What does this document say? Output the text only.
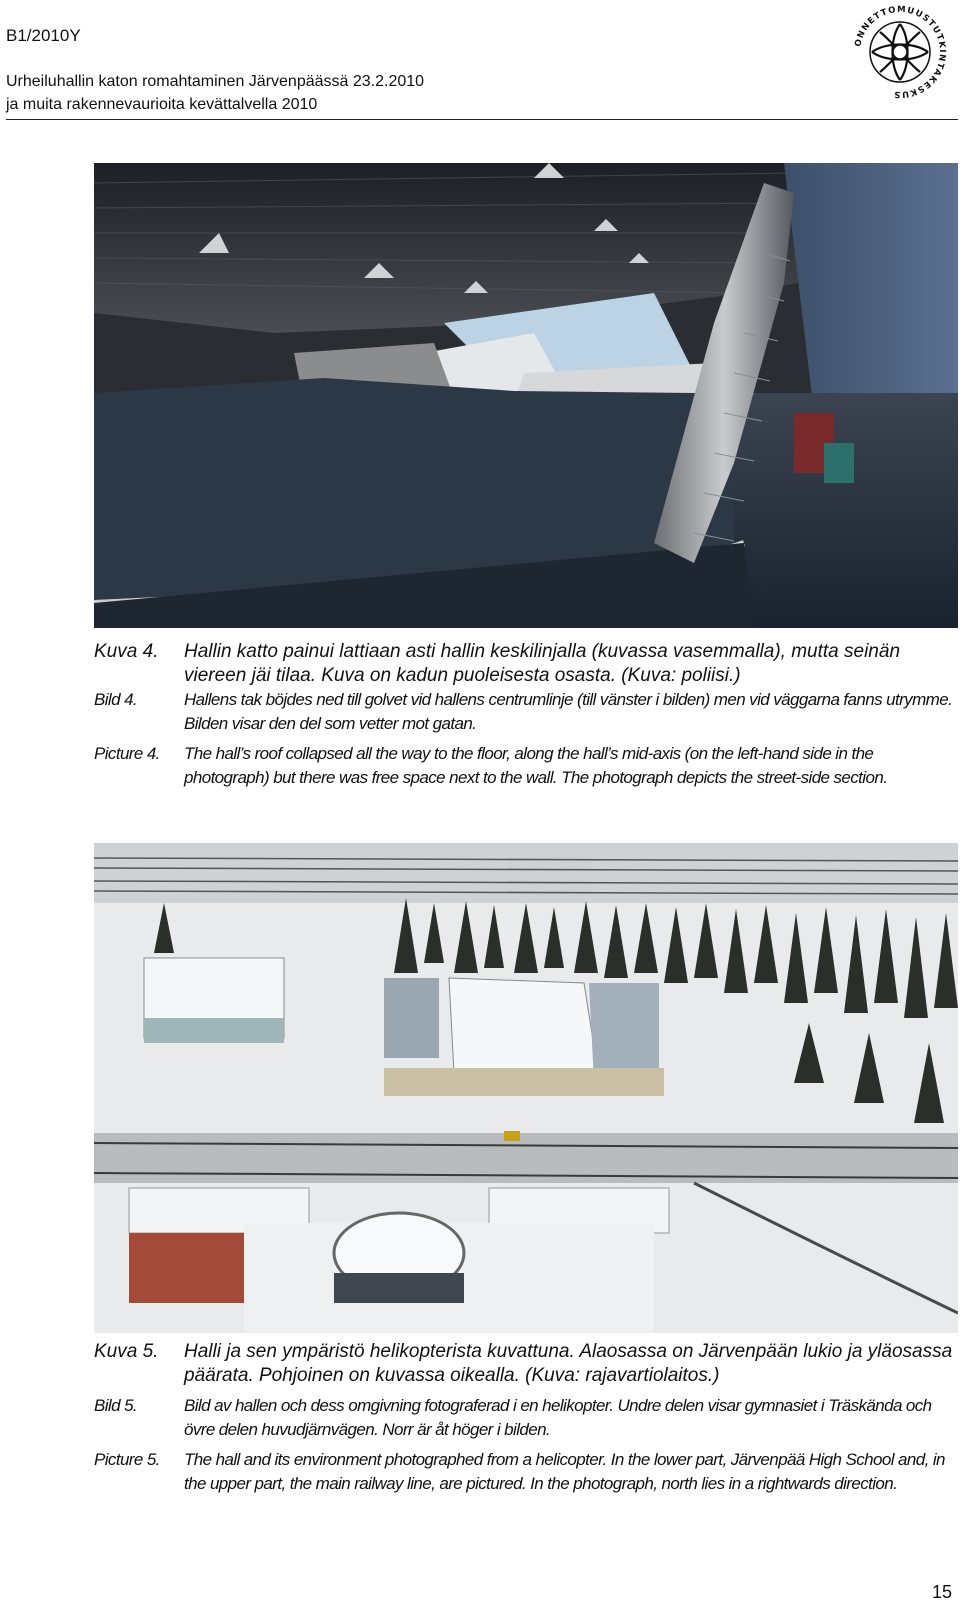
B1/2010Y
Urheiluhallin katon romahtaminen Järvenpäässä 23.2.2010
ja muita rakennevaurioita kevättalvella 2010
ONNETTOMUUSTUTKINTAKESKUS
Kuva 4.	Hallin katto painui lattiaan asti hallin keskilinjalla (kuvassa vasemmalla), mutta seinän viereen jäi tilaa. Kuva on kadun puoleisesta osasta. (Kuva: poliisi.)
Bild 4.	Hallens tak böjdes ned till golvet vid hallens centrumlinje (till vänster i bilden) men vid väggarna fanns utrymme. Bilden visar den del som vetter mot gatan.
Picture 4.	The hall’s roof collapsed all the way to the floor, along the hall’s mid-axis (on the left-hand side in the photograph) but there was free space next to the wall. The photograph depicts the street-side section.
Kuva 5.	Halli ja sen ympäristö helikopterista kuvattuna. Alaosassa on Järvenpään lukio ja yläosassa päärata. Pohjoinen on kuvassa oikealla. (Kuva: rajavartiolaitos.)
Bild 5.	Bild av hallen och dess omgivning fotograferad i en helikopter. Undre delen visar gymnasiet i Träskända och övre delen huvudjärnvägen. Norr är åt höger i bilden.
Picture 5.	The hall and its environment photographed from a helicopter. In the lower part, Järvenpää High School and, in the upper part, the main railway line, are pictured. In the photograph, north lies in a rightwards direction.
15
